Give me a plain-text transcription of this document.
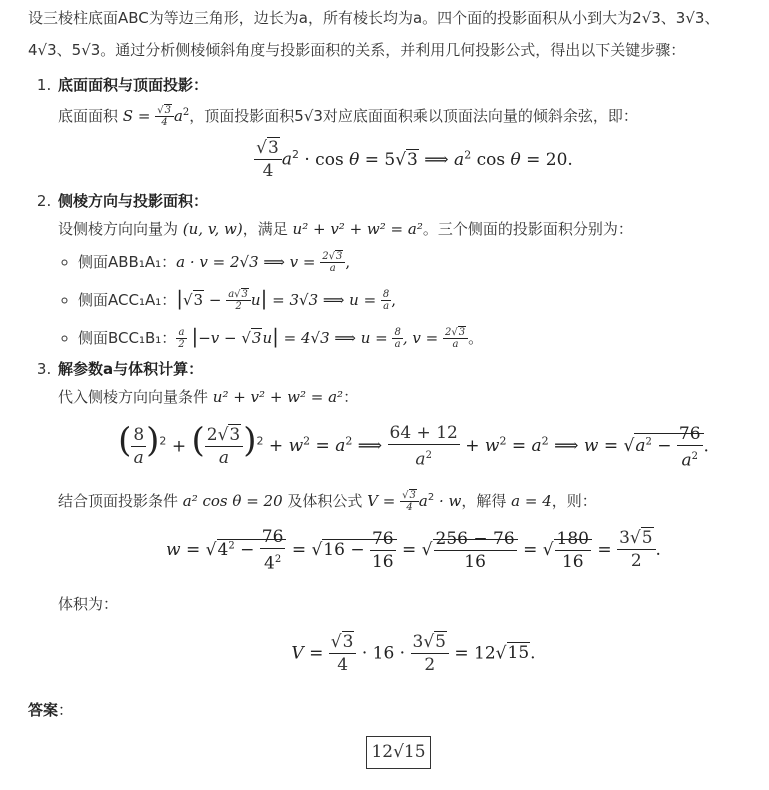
设三棱柱底面ABC为等边三角形，边长为a，所有棱长均为a。四个面的投影面积从小到大为2√3、3√3、4√3、5√3。通过分析侧棱倾斜角度与投影面积的关系，并利用几何投影公式，得出以下关键步骤：

1. 底面面积与顶面投影：

底面面积 $S = \frac{√3}{4} a^2$，顶面投影面积5√3对应底面面积乘以顶面法向量的倾斜余弦，即：

$\frac{√3}{4} a^2 \cdot \cos \theta = 5√3$ ⟹ $a^2$ cos θ = 20.
2. 侧棱方向与投影面积：

设侧棱方向向量为 (u, v, w)，满足 u² + v² + w² = a²。三个侧面的投影面积分别为：

◦ 侧面ABB₁A₁：a · v = 2√3 ⟹ $v = \frac{2√3}{a}$ ,
◦ 侧面ACC₁A₁：$|√3 - \frac{a√3}{2} u| = 3√3$ ⟹ $u = \frac{8}{a}$ ,
◦ 侧面BCC₁B₁： $\frac{a}{2} |-v - √3u| = 4√3$ ⟹ $u = \frac{8}{a}$ , $v = \frac{2√3}{a}$ 。
3. 解参数a与体积计算：

代入侧棱方向向量条件 u² + v² + w² = a²：

( $\frac{8}{a} )^2$ + ( $\frac{2√3}{a} )^2 + w^2 = a^2$ ⟹ $\frac{64 + 12}{a^2} + w^2 = a^2$ ⟹ $w = √a^2 - \frac{76}{a^2}$ .

结合顶面投影条件 a² cos θ = 20 及体积公式 $V = \frac{√3}{4} a^2 \cdot w$，解得 a = 4，则：

$w = √4^2 - \frac{76}{4^2} = √16 - \frac{76}{16}$ = √ $\frac{256 - 76}{16}$ = √ $\frac{180}{16} = \frac{3√5}{2}$ .

体积为：

$V = \frac{√3}{4} \cdot 16 \cdot \frac{3√5}{2} = 12√15$.

答案：

12√15
